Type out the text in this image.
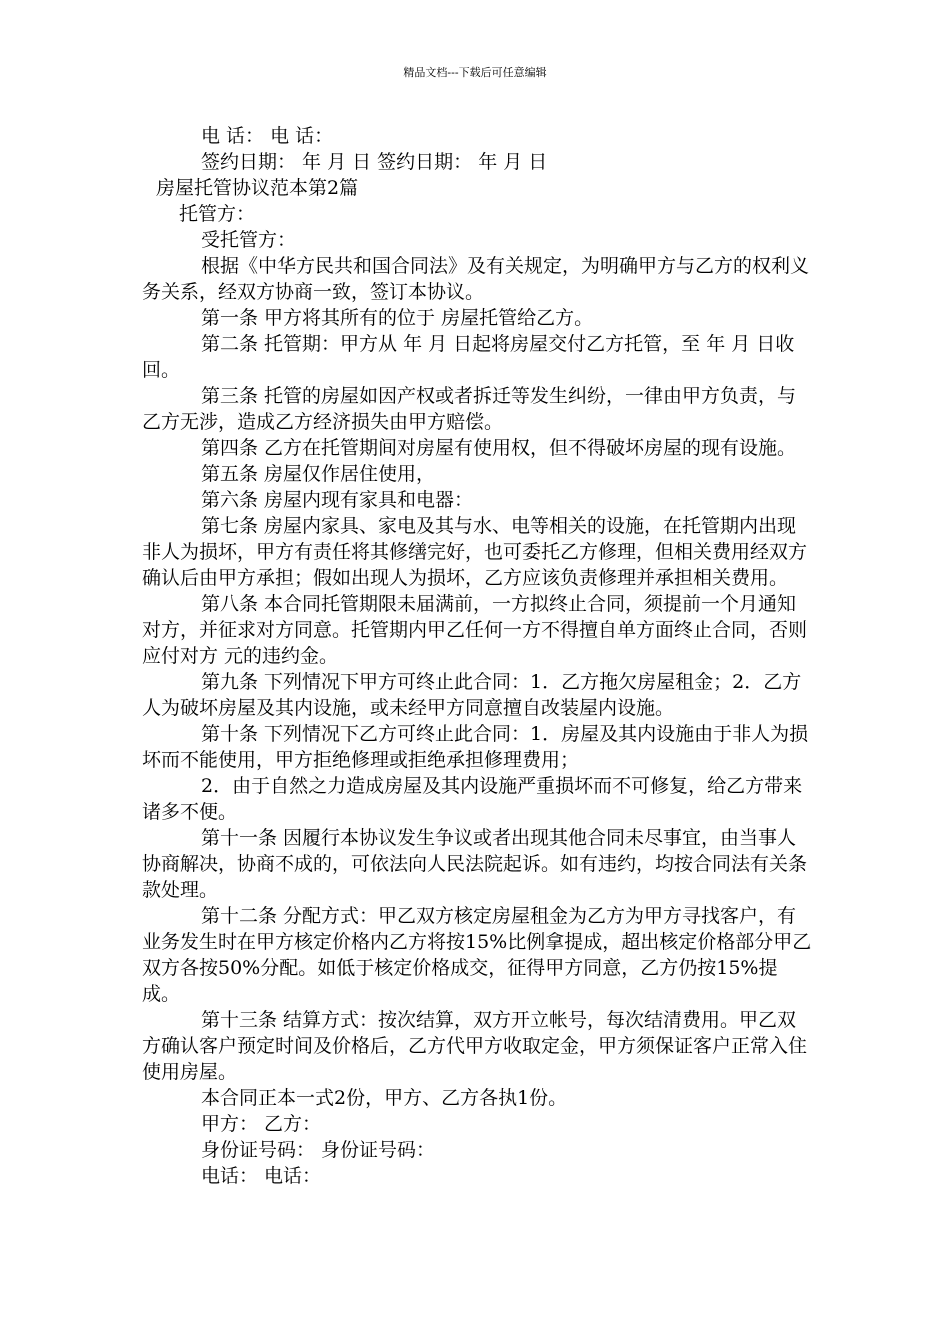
精品文档---下载后可任意编辑

电 话： 电 话：

签约日期： 年 月 日 签约日期： 年 月 日

房屋托管协议范本第2篇

托管方：

受托管方：

根据《中华方民共和国合同法》及有关规定，为明确甲方与乙方的权利义务关系，经双方协商一致，签订本协议。

第一条 甲方将其所有的位于 房屋托管给乙方。

第二条 托管期：甲方从 年 月 日起将房屋交付乙方托管，至 年 月 日收回。

第三条 托管的房屋如因产权或者拆迁等发生纠纷，一律由甲方负责，与乙方无涉，造成乙方经济损失由甲方赔偿。

第四条 乙方在托管期间对房屋有使用权，但不得破坏房屋的现有设施。

第五条 房屋仅作居住使用，

第六条 房屋内现有家具和电器：

第七条 房屋内家具、家电及其与水、电等相关的设施，在托管期内出现非人为损坏，甲方有责任将其修缮完好，也可委托乙方修理，但相关费用经双方确认后由甲方承担；假如出现人为损坏，乙方应该负责修理并承担相关费用。

第八条 本合同托管期限未届满前，一方拟终止合同，须提前一个月通知对方，并征求对方同意。托管期内甲乙任何一方不得擅自单方面终止合同，否则应付对方 元的违约金。

第九条 下列情况下甲方可终止此合同：1．乙方拖欠房屋租金；2．乙方人为破坏房屋及其内设施，或未经甲方同意擅自改装屋内设施。

第十条 下列情况下乙方可终止此合同：1．房屋及其内设施由于非人为损坏而不能使用，甲方拒绝修理或拒绝承担修理费用；

2．由于自然之力造成房屋及其内设施严重损坏而不可修复，给乙方带来诸多不便。

第十一条 因履行本协议发生争议或者出现其他合同未尽事宜，由当事人协商解决，协商不成的，可依法向人民法院起诉。如有违约，均按合同法有关条款处理。

第十二条 分配方式：甲乙双方核定房屋租金为乙方为甲方寻找客户，有业务发生时在甲方核定价格内乙方将按15%比例拿提成，超出核定价格部分甲乙双方各按50%分配。如低于核定价格成交，征得甲方同意，乙方仍按15%提成。

第十三条 结算方式：按次结算，双方开立帐号，每次结清费用。甲乙双方确认客户预定时间及价格后，乙方代甲方收取定金，甲方须保证客户正常入住使用房屋。

本合同正本一式2份，甲方、乙方各执1份。

甲方： 乙方：

身份证号码： 身份证号码：

电话： 电话：
